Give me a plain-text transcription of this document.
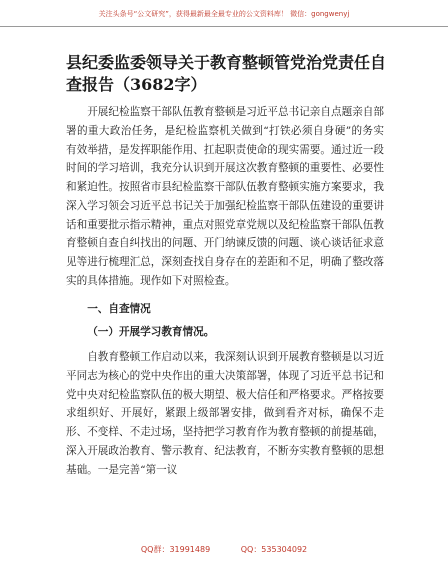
关注头条号“公文研究”，获得最新最全最专业的公文资料库！ 微信：gongwenyj
县纪委监委领导关于教育整顿管党治党责任自查报告（3682字）

开展纪检监察干部队伍教育整顿是习近平总书记亲自点题亲自部署的重大政治任务，是纪检监察机关做到“打铁必须自身硬”的务实有效举措，是发挥职能作用、扛起职责使命的现实需要。通过近一段时间的学习培训，我充分认识到开展这次教育整顿的重要性、必要性和紧迫性。按照省市县纪检监察干部队伍教育整顿实施方案要求，我深入学习领会习近平总书记关于加强纪检监察干部队伍建设的重要讲话和重要批示指示精神，重点对照党章党规以及纪检监察干部队伍教育整顿自查自纠找出的问题、开门纳谏反馈的问题、谈心谈话征求意见等进行梳理汇总，深刻查找自身存在的差距和不足，明确了整改落实的具体措施。现作如下对照检查。

一、自查情况

（一）开展学习教育情况。

自教育整顿工作启动以来，我深刻认识到开展教育整顿是以习近平同志为核心的党中央作出的重大决策部署，体现了习近平总书记和党中央对纪检监察队伍的极大期望、极大信任和严格要求。严格按要求组织好、开展好，紧跟上级部署安排，做到看齐对标，确保不走形、不变样、不走过场，坚持把学习教育作为教育整顿的前提基础，深入开展政治教育、警示教育、纪法教育，不断夯实教育整顿的思想基础。一是完善“第一议

QQ群：31991489	QQ：535304092
